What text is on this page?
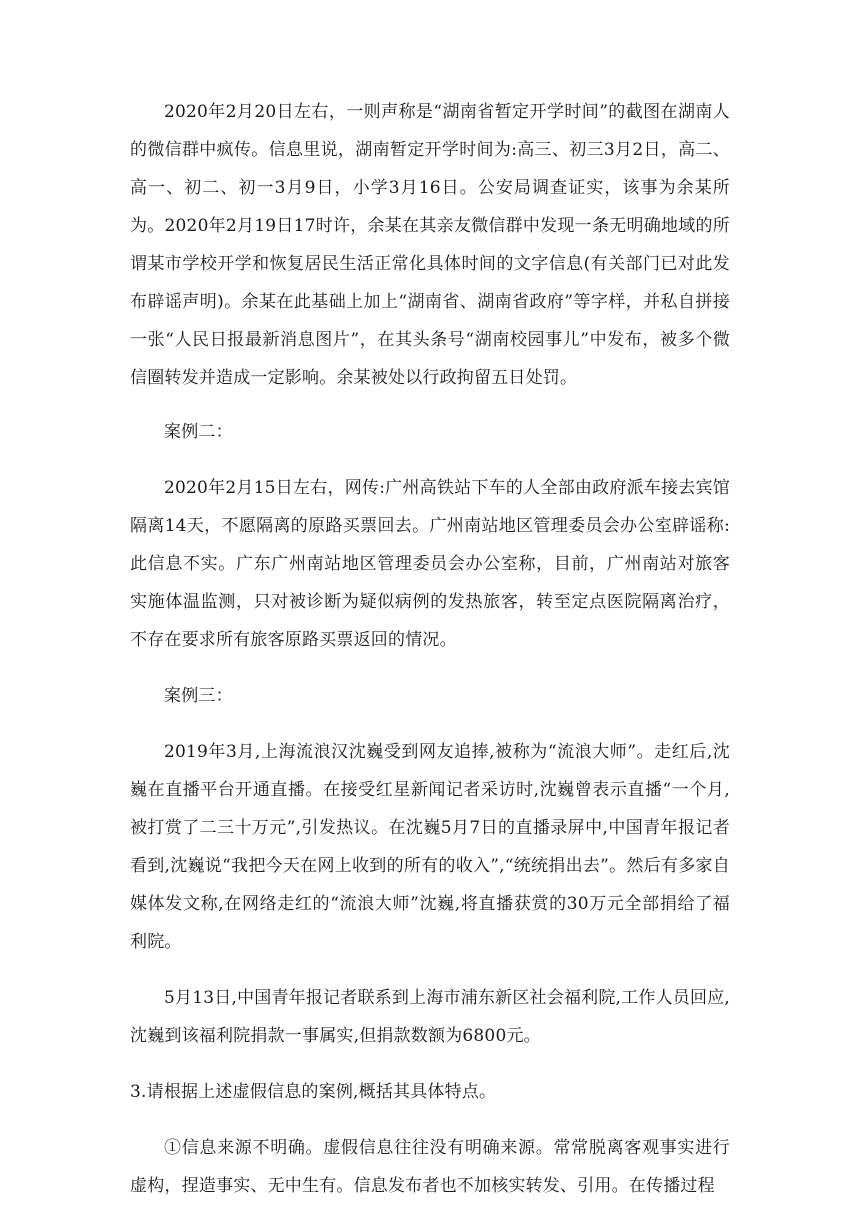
2020年2月20日左右，一则声称是“湖南省暂定开学时间”的截图在湖南人的微信群中疯传。信息里说，湖南暂定开学时间为:高三、初三3月2日，高二、高一、初二、初一3月9日，小学3月16日。公安局调查证实，该事为余某所为。2020年2月19日17时许，余某在其亲友微信群中发现一条无明确地域的所谓某市学校开学和恢复居民生活正常化具体时间的文字信息(有关部门已对此发布辟谣声明)。余某在此基础上加上“湖南省、湖南省政府”等字样，并私自拼接一张“人民日报最新消息图片”，在其头条号“湖南校园事儿”中发布，被多个微信圈转发并造成一定影响。余某被处以行政拘留五日处罚。

案例二：

2020年2月15日左右，网传:广州高铁站下车的人全部由政府派车接去宾馆隔离14天，不愿隔离的原路买票回去。广州南站地区管理委员会办公室辟谣称:此信息不实。广东广州南站地区管理委员会办公室称，目前，广州南站对旅客实施体温监测，只对被诊断为疑似病例的发热旅客，转至定点医院隔离治疗，不存在要求所有旅客原路买票返回的情况。

案例三：

2019年3月,上海流浪汉沈巍受到网友追捧,被称为“流浪大师”。走红后,沈巍在直播平台开通直播。在接受红星新闻记者采访时,沈巍曾表示直播“一个月,被打赏了二三十万元”,引发热议。在沈巍5月7日的直播录屏中,中国青年报记者看到,沈巍说“我把今天在网上收到的所有的收入”,“统统捐出去”。然后有多家自媒体发文称,在网络走红的“流浪大师”沈巍,将直播获赏的30万元全部捐给了福利院。

5月13日,中国青年报记者联系到上海市浦东新区社会福利院,工作人员回应,沈巍到该福利院捐款一事属实,但捐款数额为6800元。

3.请根据上述虚假信息的案例,概括其具体特点。

①信息来源不明确。虚假信息往往没有明确来源。常常脱离客观事实进行虚构，捏造事实、无中生有。信息发布者也不加核实转发、引用。在传播过程
